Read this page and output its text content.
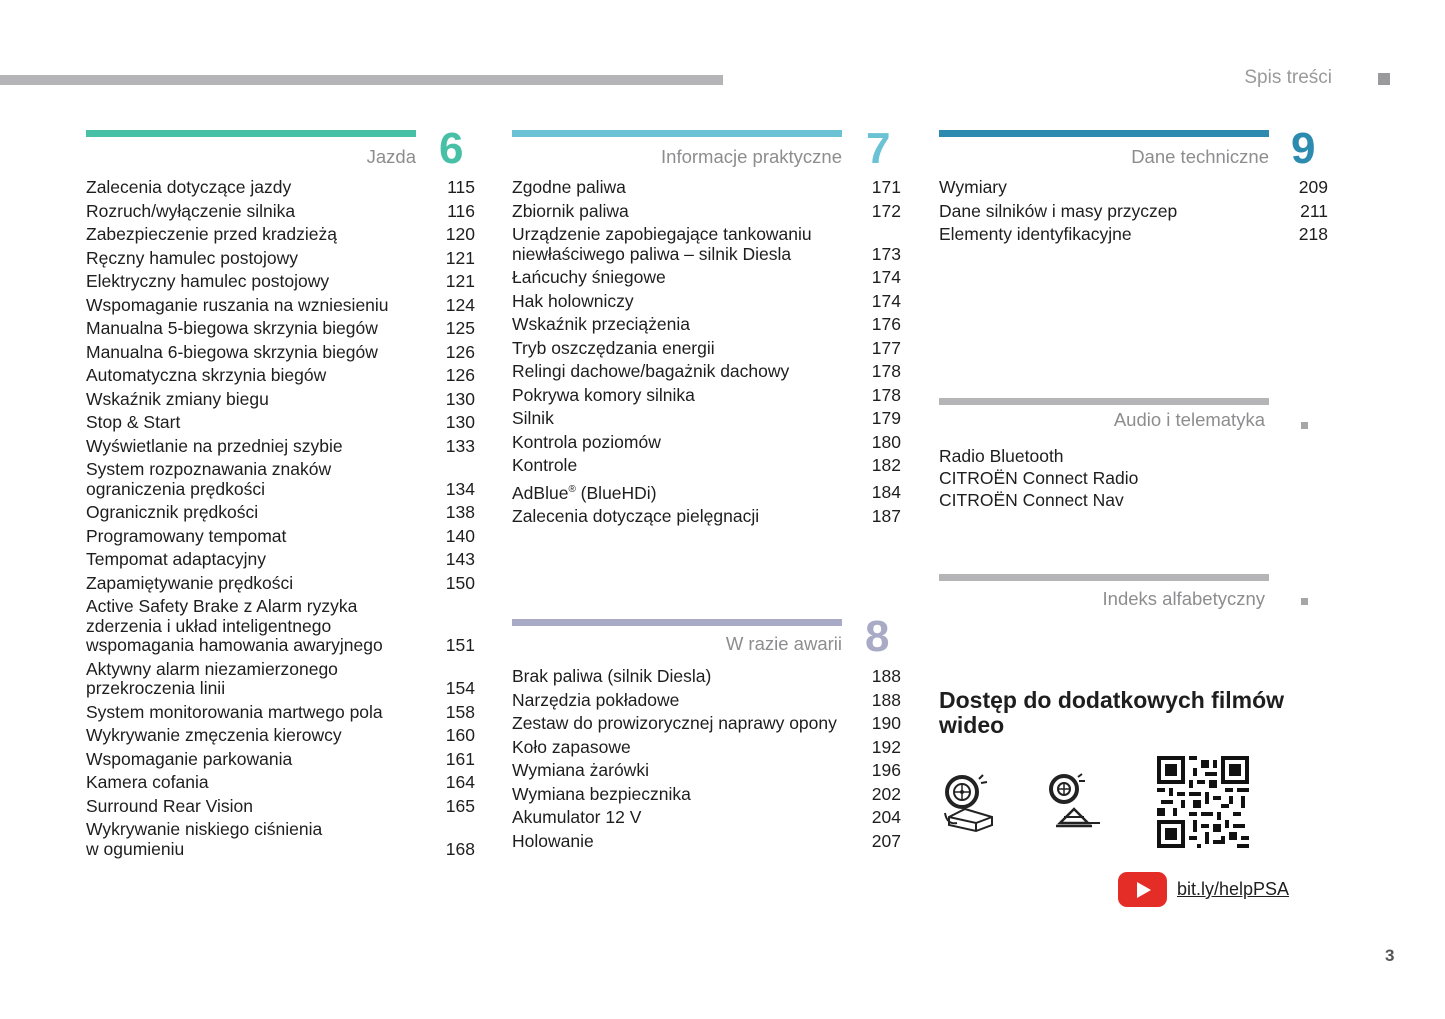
Spis treści
Jazda 6
Zalecenia dotyczące jazdy	115
Rozruch/wyłączenie silnika	116
Zabezpieczenie przed kradzieżą	120
Ręczny hamulec postojowy	121
Elektryczny hamulec postojowy	121
Wspomaganie ruszania na wzniesieniu	124
Manualna 5-biegowa skrzynia biegów	125
Manualna 6-biegowa skrzynia biegów	126
Automatyczna skrzynia biegów	126
Wskaźnik zmiany biegu	130
Stop & Start	130
Wyświetlanie na przedniej szybie	133
System rozpoznawania znaków
ograniczenia prędkości	134
Ogranicznik prędkości	138
Programowany tempomat	140
Tempomat adaptacyjny	143
Zapamiętywanie prędkości	150
Active Safety Brake z Alarm ryzyka
zderzenia i układ inteligentnego
wspomagania hamowania awaryjnego	151
Aktywny alarm niezamierzonego
przekroczenia linii	154
System monitorowania martwego pola	158
Wykrywanie zmęczenia kierowcy	160
Wspomaganie parkowania	161
Kamera cofania	164
Surround Rear Vision	165
Wykrywanie niskiego ciśnienia
w ogumieniu	168
Informacje praktyczne 7
Zgodne paliwa	171
Zbiornik paliwa	172
Urządzenie zapobiegające tankowaniu
niewłaściwego paliwa – silnik Diesla	173
Łańcuchy śniegowe	174
Hak holowniczy	174
Wskaźnik przeciążenia	176
Tryb oszczędzania energii	177
Relingi dachowe/bagażnik dachowy	178
Pokrywa komory silnika	178
Silnik	179
Kontrola poziomów	180
Kontrole	182
AdBlue® (BlueHDi)	184
Zalecenia dotyczące pielęgnacji	187
W razie awarii 8
Brak paliwa (silnik Diesla)	188
Narzędzia pokładowe	188
Zestaw do prowizorycznej naprawy opony	190
Koło zapasowe	192
Wymiana żarówki	196
Wymiana bezpiecznika	202
Akumulator 12 V	204
Holowanie	207
Dane techniczne 9
Wymiary	209
Dane silników i masy przyczep	211
Elementy identyfikacyjne	218
Audio i telematyka
Radio Bluetooth
CITROËN Connect Radio
CITROËN Connect Nav
Indeks alfabetyczny
Dostęp do dodatkowych filmów wideo
bit.ly/helpPSA
3
